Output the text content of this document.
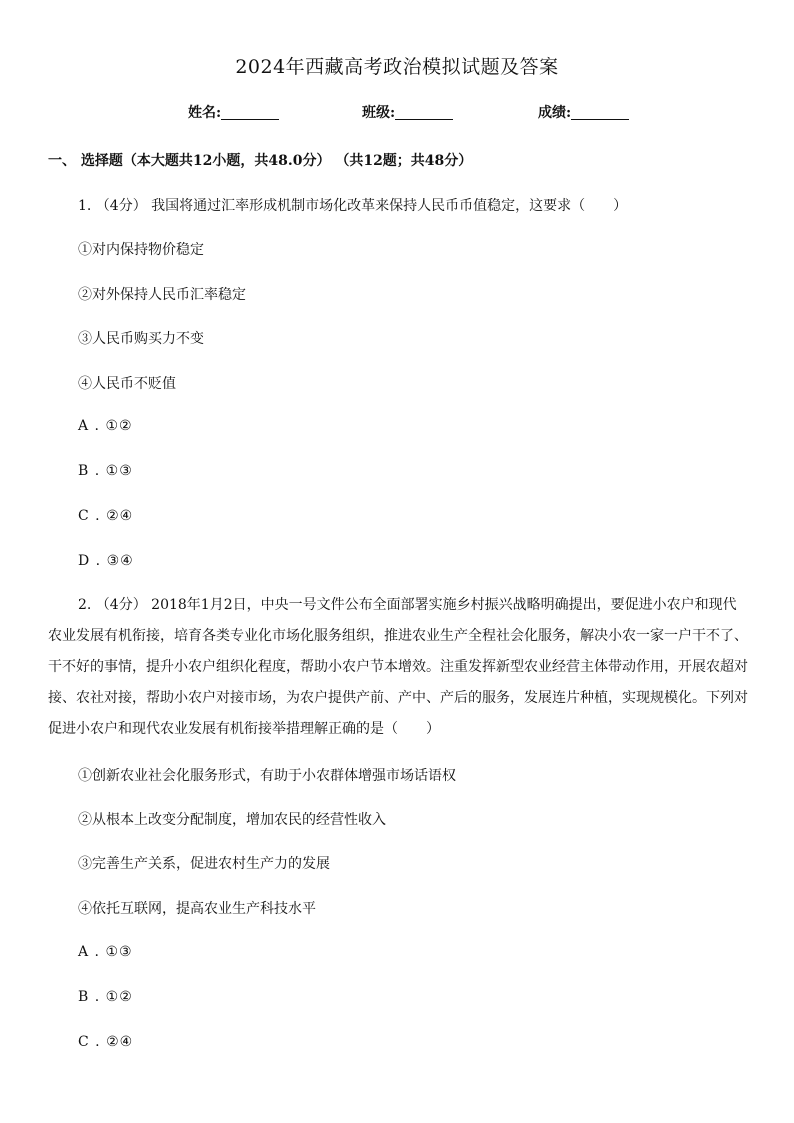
2024年西藏高考政治模拟试题及答案
姓名:	班级:	成绩:
一、 选择题（本大题共12小题，共48.0分） （共12题；共48分）
1. （4分） 我国将通过汇率形成机制市场化改革来保持人民币币值稳定，这要求（　　）
①对内保持物价稳定
②对外保持人民币汇率稳定
③人民币购买力不变
④人民币不贬值
A . ①②
B . ①③
C . ②④
D . ③④
2. （4分） 2018年1月2日，中央一号文件公布全面部署实施乡村振兴战略明确提出，要促进小农户和现代农业发展有机衔接，培育各类专业化市场化服务组织，推进农业生产全程社会化服务，解决小农一家一户干不了、干不好的事情，提升小农户组织化程度，帮助小农户节本增效。注重发挥新型农业经营主体带动作用，开展农超对接、农社对接，帮助小农户对接市场，为农户提供产前、产中、产后的服务，发展连片种植，实现规模化。下列对促进小农户和现代农业发展有机衔接举措理解正确的是（　　）
①创新农业社会化服务形式，有助于小农群体增强市场话语权
②从根本上改变分配制度，增加农民的经营性收入
③完善生产关系，促进农村生产力的发展
④依托互联网，提高农业生产科技水平
A . ①③
B . ①②
C . ②④
